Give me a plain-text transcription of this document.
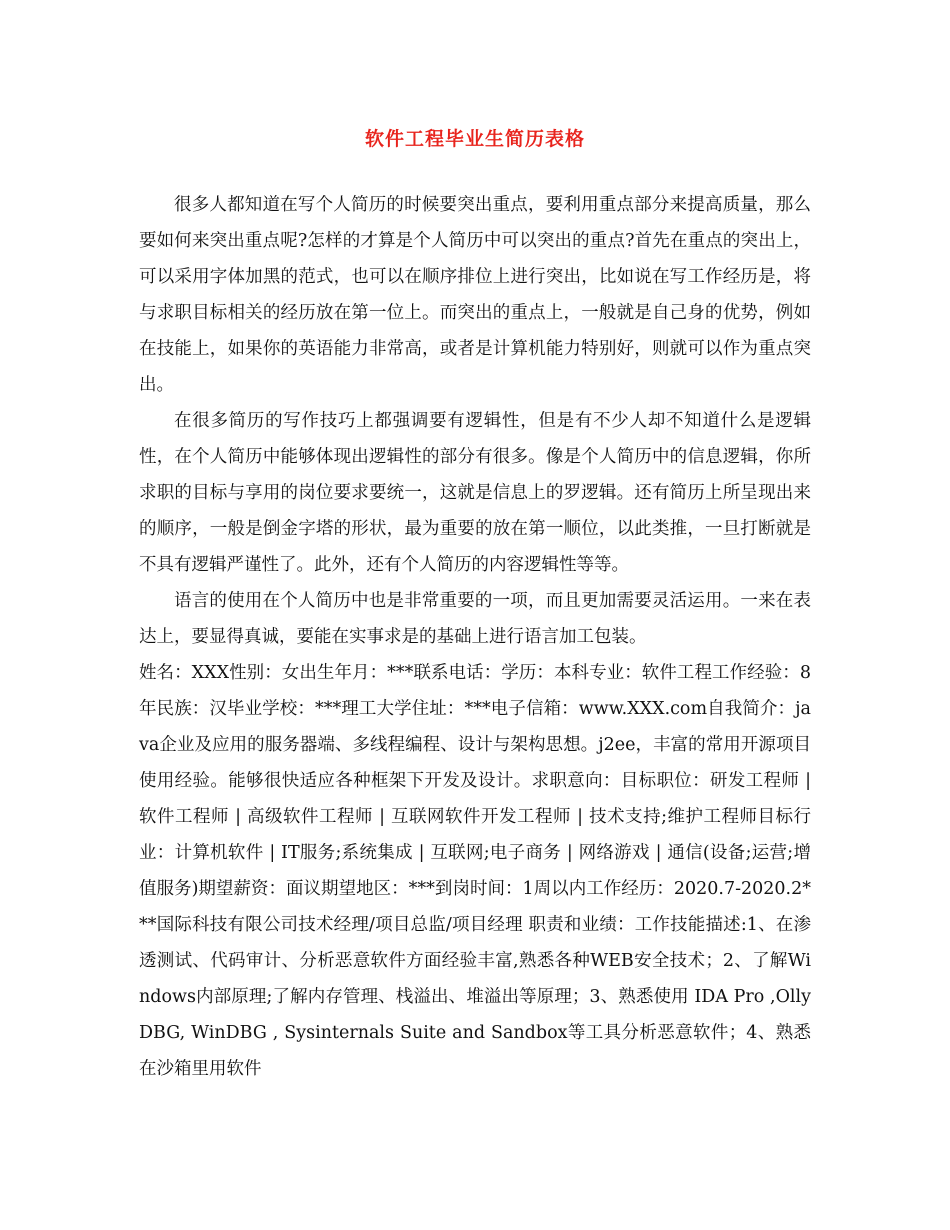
软件工程毕业生简历表格

很多人都知道在写个人简历的时候要突出重点，要利用重点部分来提高质量，那么要如何来突出重点呢?怎样的才算是个人简历中可以突出的重点?首先在重点的突出上，可以采用字体加黑的范式，也可以在顺序排位上进行突出，比如说在写工作经历是，将与求职目标相关的经历放在第一位上。而突出的重点上，一般就是自己身的优势，例如在技能上，如果你的英语能力非常高，或者是计算机能力特别好，则就可以作为重点突出。

在很多简历的写作技巧上都强调要有逻辑性，但是有不少人却不知道什么是逻辑性，在个人简历中能够体现出逻辑性的部分有很多。像是个人简历中的信息逻辑，你所求职的目标与享用的岗位要求要统一，这就是信息上的罗逻辑。还有简历上所呈现出来的顺序，一般是倒金字塔的形状，最为重要的放在第一顺位，以此类推，一旦打断就是不具有逻辑严谨性了。此外，还有个人简历的内容逻辑性等等。

语言的使用在个人简历中也是非常重要的一项，而且更加需要灵活运用。一来在表达上，要显得真诚，要能在实事求是的基础上进行语言加工包装。

姓名：XXX性别：女出生年月：***联系电话：学历：本科专业：软件工程工作经验：8年民族：汉毕业学校：***理工大学住址：***电子信箱：www.XXX.com自我简介：java企业及应用的服务器端、多线程编程、设计与架构思想。j2ee，丰富的常用开源项目使用经验。能够很快适应各种框架下开发及设计。求职意向：目标职位：研发工程师 | 软件工程师 | 高级软件工程师 | 互联网软件开发工程师 | 技术支持;维护工程师目标行业：计算机软件 | IT服务;系统集成 | 互联网;电子商务 | 网络游戏 | 通信(设备;运营;增值服务)期望薪资：面议期望地区：***到岗时间：1周以内工作经历：2020.7-2020.2***国际科技有限公司技术经理/项目总监/项目经理 职责和业绩：工作技能描述:1、在渗透测试、代码审计、分析恶意软件方面经验丰富,熟悉各种WEB安全技术；2、了解Windows内部原理;了解内存管理、栈溢出、堆溢出等原理；3、熟悉使用 IDA Pro ,OllyDBG, WinDBG , Sysinternals Suite and Sandbox等工具分析恶意软件；4、熟悉在沙箱里用软件
